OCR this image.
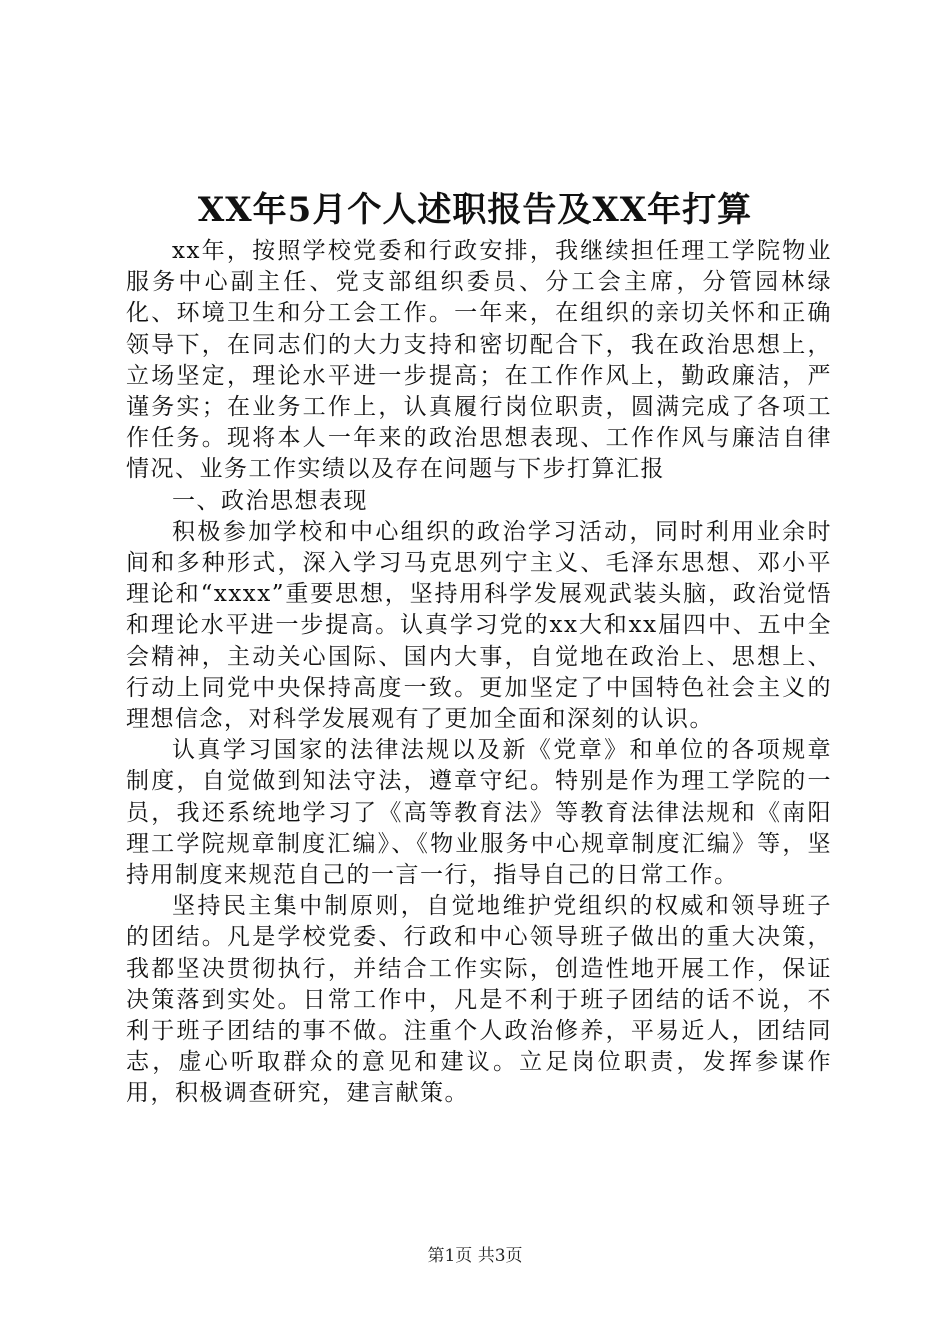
XX年5月个人述职报告及XX年打算

xx年，按照学校党委和行政安排，我继续担任理工学院物业服务中心副主任、党支部组织委员、分工会主席，分管园林绿化、环境卫生和分工会工作。一年来，在组织的亲切关怀和正确领导下，在同志们的大力支持和密切配合下，我在政治思想上，立场坚定，理论水平进一步提高；在工作作风上，勤政廉洁，严谨务实；在业务工作上，认真履行岗位职责，圆满完成了各项工作任务。现将本人一年来的政治思想表现、工作作风与廉洁自律情况、业务工作实绩以及存在问题与下步打算汇报

一、政治思想表现

积极参加学校和中心组织的政治学习活动，同时利用业余时间和多种形式，深入学习马克思列宁主义、毛泽东思想、邓小平理论和“xxxx”重要思想，坚持用科学发展观武装头脑，政治觉悟和理论水平进一步提高。认真学习党的xx大和xx届四中、五中全会精神，主动关心国际、国内大事，自觉地在政治上、思想上、行动上同党中央保持高度一致。更加坚定了中国特色社会主义的理想信念，对科学发展观有了更加全面和深刻的认识。

认真学习国家的法律法规以及新《党章》和单位的各项规章制度，自觉做到知法守法，遵章守纪。特别是作为理工学院的一员，我还系统地学习了《高等教育法》等教育法律法规和《南阳理工学院规章制度汇编》、《物业服务中心规章制度汇编》等，坚持用制度来规范自己的一言一行，指导自己的日常工作。

坚持民主集中制原则，自觉地维护党组织的权威和领导班子的团结。凡是学校党委、行政和中心领导班子做出的重大决策，我都坚决贯彻执行，并结合工作实际，创造性地开展工作，保证决策落到实处。日常工作中，凡是不利于班子团结的话不说，不利于班子团结的事不做。注重个人政治修养，平易近人，团结同志，虚心听取群众的意见和建议。立足岗位职责，发挥参谋作用，积极调查研究，建言献策。

第1页 共3页
